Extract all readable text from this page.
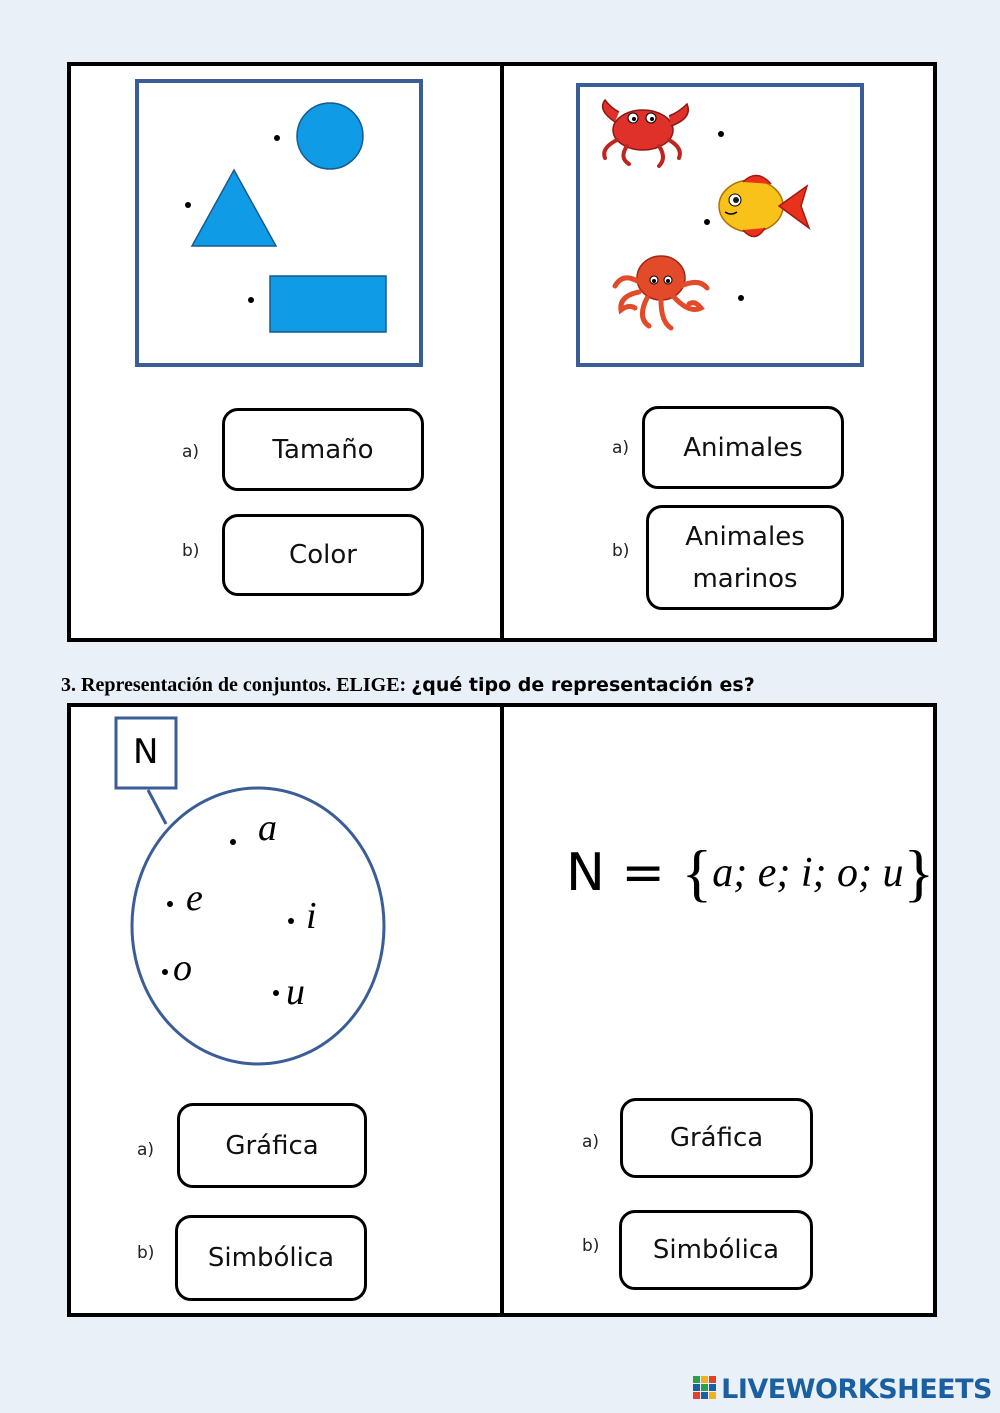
a)	Tamaño
b)	Color
a) Animales
b) Animales
marinos
3. Representación de conjuntos. ELIGE: ¿qué tipo de representación es?
N
a
e	i
o
u
a)	Gráfica
b) Simbólica
N = { a; e; i; o; u }
a)	Gráfica
b) Simbólica
LIVEWORKSHEETS
